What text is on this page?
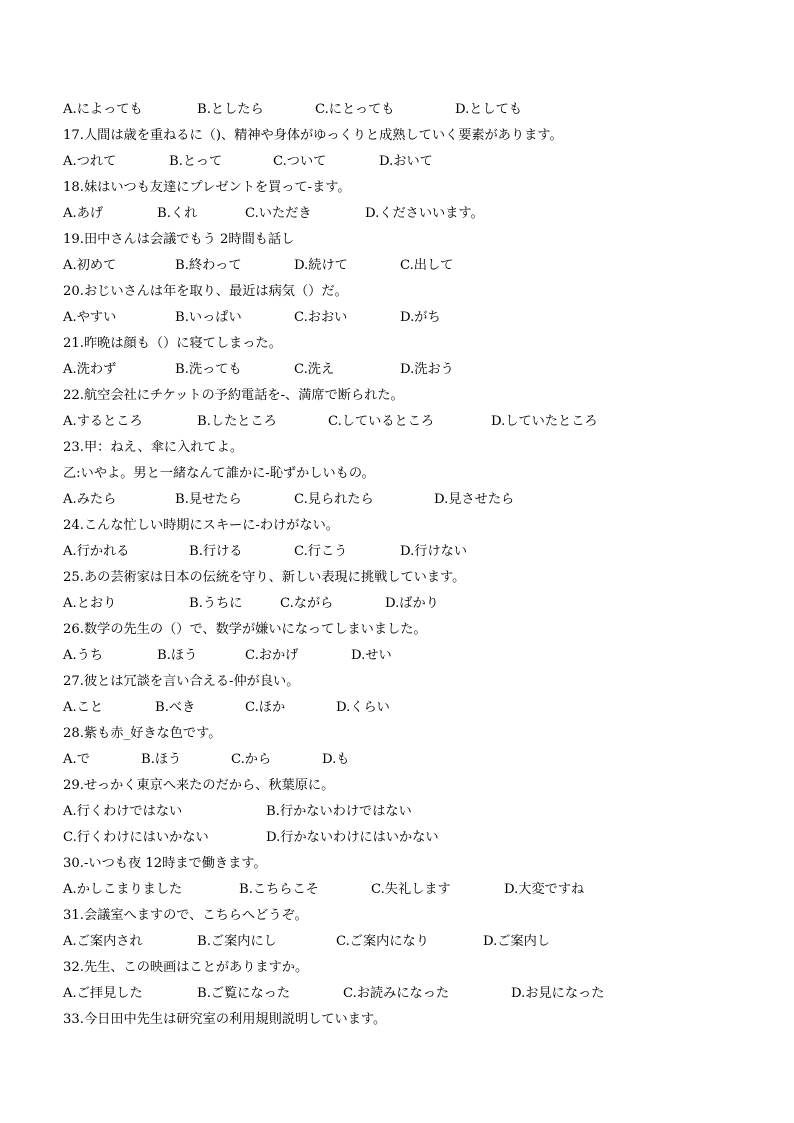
A.によっても	B.としたら	C.にとっても	D.としても
17.人間は歳を重ねるに（)、精神や身体がゆっくりと成熟していく要素があります。
A.つれて	B.とって	C.ついて	D.おいて
18.妹はいつも友達にプレゼントを買って-ます。
A.あげ	B.くれ	C.いただき	D.くださいいます。
19.田中さんは会議でもう 2時間も話し
A.初めて	B.終わって	D.続けて	C.出して
20.おじいさんは年を取り、最近は病気（）だ。
A.やすい	B.いっぱい	C.おおい	D.がち
21.昨晩は顔も（）に寝てしまった。
A.洗わず	B.洗っても	C.洗え	D.洗おう
22.航空会社にチケットの予約電話を-、満席で断られた。
A.するところ	B.したところ	C.しているところ	D.していたところ
23.甲：ねえ、傘に入れてよ。
乙:いやよ。男と一緒なんて誰かに-恥ずかしいもの。
A.みたら	B.見せたら	C.見られたら	D.見させたら
24.こんな忙しい時期にスキーに-わけがない。
A.行かれる	B.行ける	C.行こう	D.行けない
25.あの芸術家は日本の伝統を守り、新しい表現に挑戦しています。
A.とおり	B.うちに	C.ながら	D.ばかり
26.数学の先生の（）で、数学が嫌いになってしまいました。
A.うち	B.ほう	C.おかげ	D.せい
27.彼とは冗談を言い合える-仲が良い。
A.こと	B.べき	C.ほか	D.くらい
28.紫も赤_好きな色です。
A.で	B.ほう	C.から	D.も
29.せっかく東京へ来たのだから、秋葉原に。
A.行くわけではない	B.行かないわけではない
C.行くわけにはいかない	D.行かないわけにはいかない
30.-いつも夜 12時まで働きます。
A.かしこまりました	B.こちらこそ	C.失礼します	D.大変ですね
31.会議室へますので、こちらへどうぞ。
A.ご案内され	B.ご案内にし	C.ご案内になり	D.ご案内し
32.先生、この映画はことがありますか。
A.ご拝見した	B.ご覧になった	C.お読みになった	D.お見になった
33.今日田中先生は研究室の利用規則説明しています。
